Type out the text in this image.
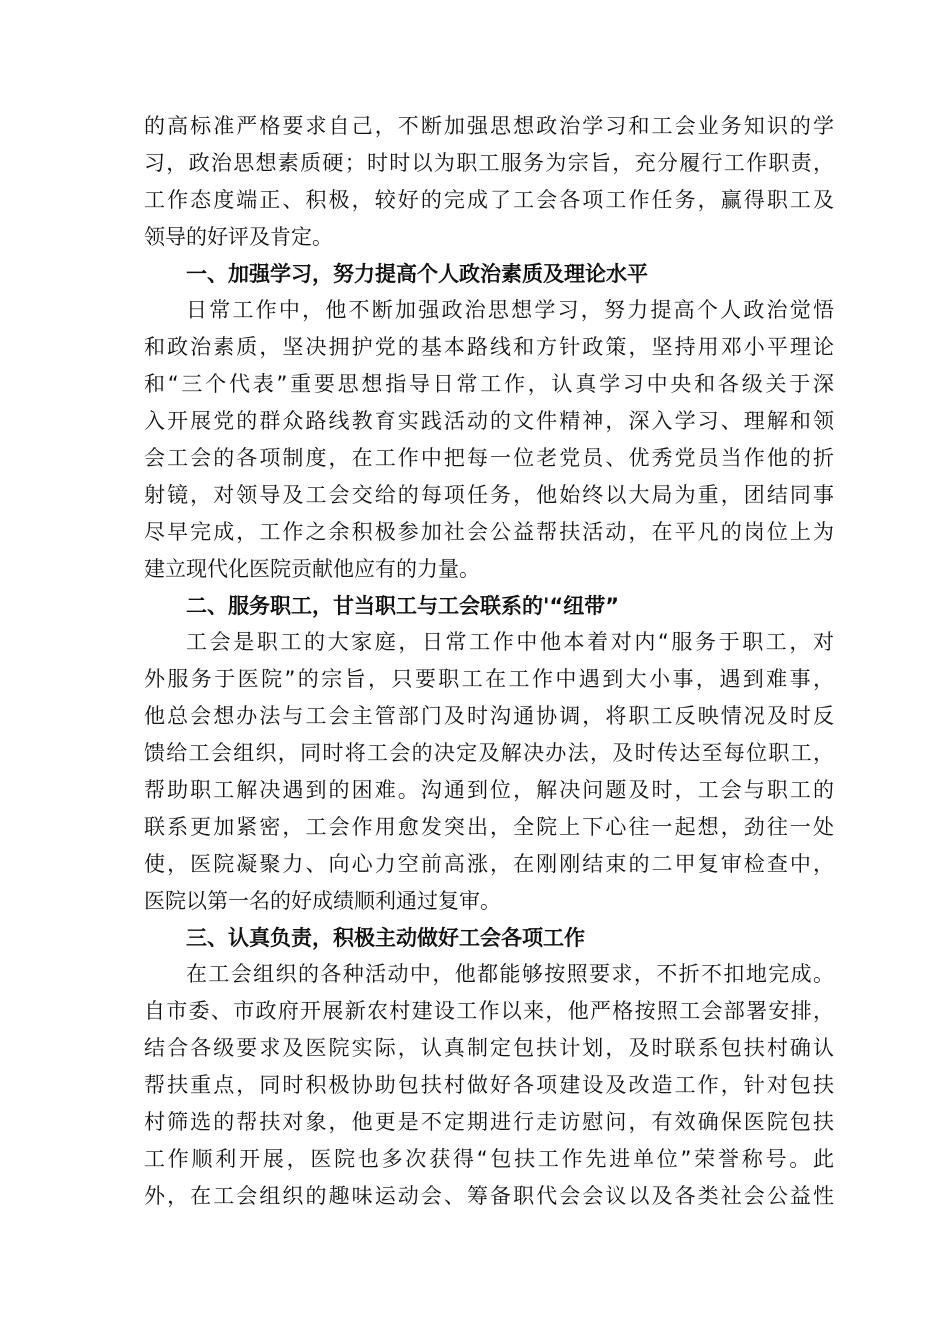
的高标准严格要求自己，不断加强思想政治学习和工会业务知识的学
习，政治思想素质硬；时时以为职工服务为宗旨，充分履行工作职责，
工作态度端正、积极，较好的完成了工会各项工作任务，赢得职工及
领导的好评及肯定。
一、加强学习，努力提高个人政治素质及理论水平
日常工作中，他不断加强政治思想学习，努力提高个人政治觉悟
和政治素质，坚决拥护党的基本路线和方针政策，坚持用邓小平理论
和“三个代表”重要思想指导日常工作，认真学习中央和各级关于深
入开展党的群众路线教育实践活动的文件精神，深入学习、理解和领
会工会的各项制度，在工作中把每一位老党员、优秀党员当作他的折
射镜，对领导及工会交给的每项任务，他始终以大局为重，团结同事
尽早完成，工作之余积极参加社会公益帮扶活动，在平凡的岗位上为
建立现代化医院贡献他应有的力量。
二、服务职工，甘当职工与工会联系的'“纽带”
工会是职工的大家庭，日常工作中他本着对内“服务于职工，对
外服务于医院”的宗旨，只要职工在工作中遇到大小事，遇到难事，
他总会想办法与工会主管部门及时沟通协调，将职工反映情况及时反
馈给工会组织，同时将工会的决定及解决办法，及时传达至每位职工，
帮助职工解决遇到的困难。沟通到位，解决问题及时，工会与职工的
联系更加紧密，工会作用愈发突出，全院上下心往一起想，劲往一处
使，医院凝聚力、向心力空前高涨，在刚刚结束的二甲复审检查中，
医院以第一名的好成绩顺利通过复审。
三、认真负责，积极主动做好工会各项工作
在工会组织的各种活动中，他都能够按照要求，不折不扣地完成。
自市委、市政府开展新农村建设工作以来，他严格按照工会部署安排，
结合各级要求及医院实际，认真制定包扶计划，及时联系包扶村确认
帮扶重点，同时积极协助包扶村做好各项建设及改造工作，针对包扶
村筛选的帮扶对象，他更是不定期进行走访慰问，有效确保医院包扶
工作顺利开展，医院也多次获得“包扶工作先进单位”荣誉称号。此
外，在工会组织的趣味运动会、筹备职代会会议以及各类社会公益性
